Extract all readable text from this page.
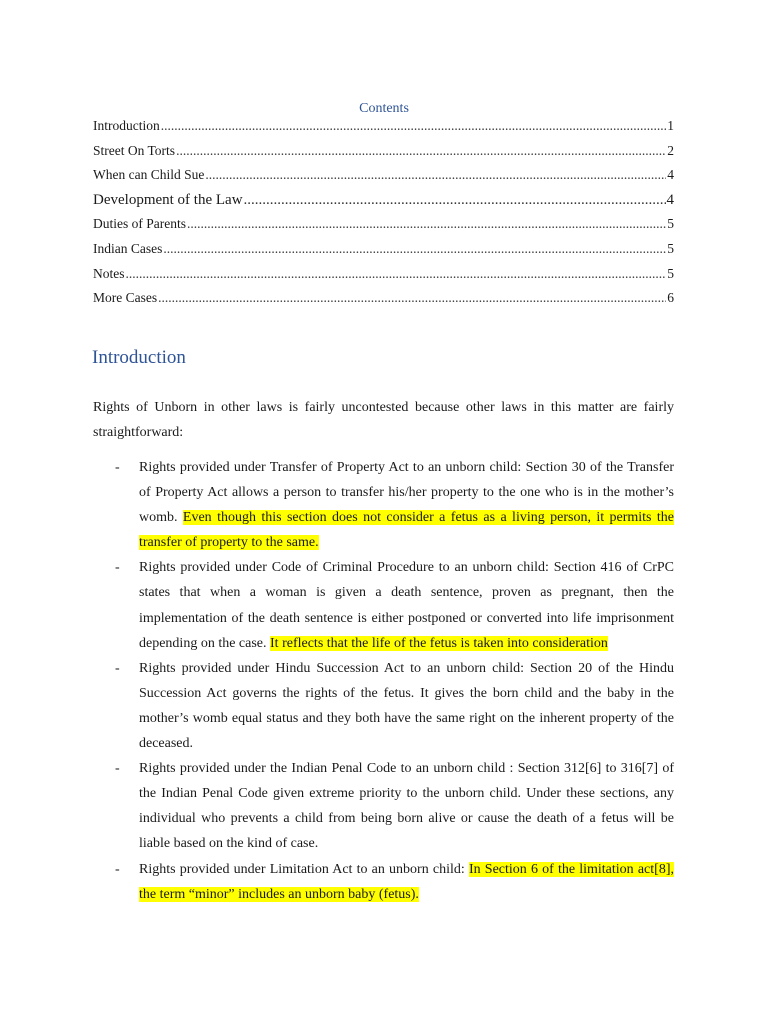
Contents
Introduction .....	1
Street On Torts .....	2
When can Child Sue .....	4
Development of the Law .....	4
Duties of Parents .....	5
Indian Cases .....	5
Notes .....	5
More Cases .....	6
Introduction

Rights of Unborn in other laws is fairly uncontested because other laws in this matter are fairly straightforward:

- Rights provided under Transfer of Property Act to an unborn child: Section 30 of the Transfer of Property Act allows a person to transfer his/her property to the one who is in the mother’s womb. Even though this section does not consider a fetus as a living person, it permits the transfer of property to the same.
- Rights provided under Code of Criminal Procedure to an unborn child: Section 416 of CrPC states that when a woman is given a death sentence, proven as pregnant, then the implementation of the death sentence is either postponed or converted into life imprisonment depending on the case. It reflects that the life of the fetus is taken into consideration
- Rights provided under Hindu Succession Act to an unborn child: Section 20 of the Hindu Succession Act governs the rights of the fetus. It gives the born child and the baby in the mother’s womb equal status and they both have the same right on the inherent property of the deceased.
- Rights provided under the Indian Penal Code to an unborn child : Section 312[6] to 316[7] of the Indian Penal Code given extreme priority to the unborn child. Under these sections, any individual who prevents a child from being born alive or cause the death of a fetus will be liable based on the kind of case.
- Rights provided under Limitation Act to an unborn child: In Section 6 of the limitation act[8], the term “minor” includes an unborn baby (fetus).
